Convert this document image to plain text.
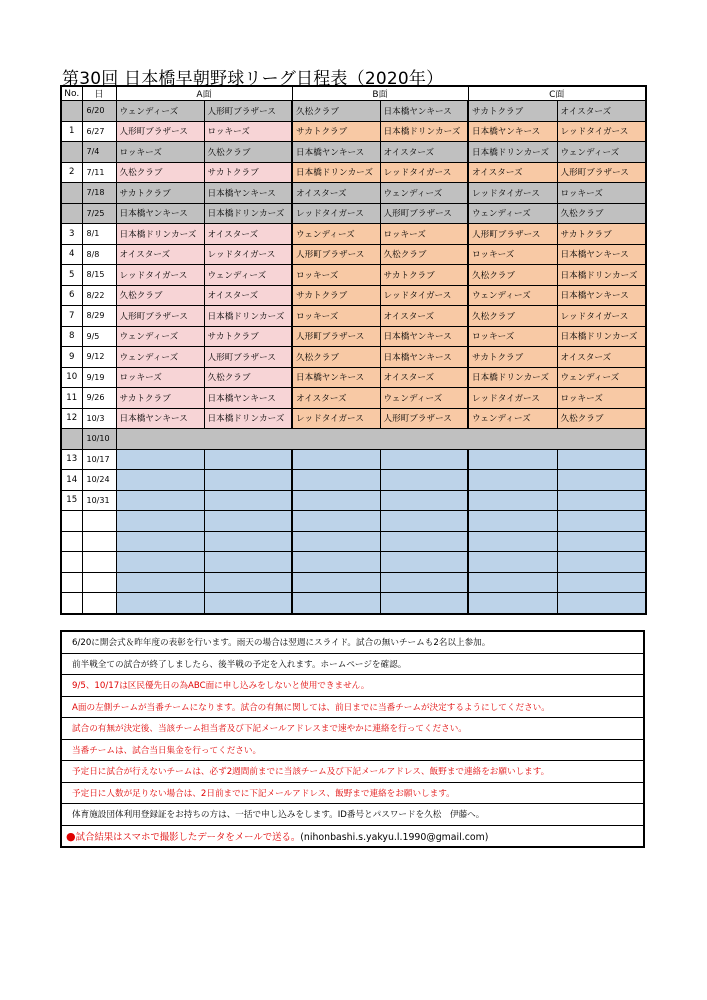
第30回 日本橋早朝野球リーグ日程表（2020年）
No.	日	A面		B面		C面	
	6/20	ウェンディーズ	人形町ブラザース	久松クラブ	日本橋ヤンキース	サカトクラブ	オイスターズ
1	6/27	人形町ブラザース	ロッキーズ	サカトクラブ	日本橋ドリンカーズ	日本橋ヤンキース	レッドタイガース
	7/4	ロッキーズ	久松クラブ	日本橋ヤンキース	オイスターズ	日本橋ドリンカーズ	ウェンディーズ
2	7/11	久松クラブ	サカトクラブ	日本橋ドリンカーズ	レッドタイガース	オイスターズ	人形町ブラザース
	7/18	サカトクラブ	日本橋ヤンキース	オイスターズ	ウェンディーズ	レッドタイガース	ロッキーズ
	7/25	日本橋ヤンキース	日本橋ドリンカーズ	レッドタイガース	人形町ブラザース	ウェンディーズ	久松クラブ
3	8/1	日本橋ドリンカーズ	オイスターズ	ウェンディーズ	ロッキーズ	人形町ブラザース	サカトクラブ
4	8/8	オイスターズ	レッドタイガース	人形町ブラザース	久松クラブ	ロッキーズ	日本橋ヤンキース
5	8/15	レッドタイガース	ウェンディーズ	ロッキーズ	サカトクラブ	久松クラブ	日本橋ドリンカーズ
6	8/22	久松クラブ	オイスターズ	サカトクラブ	レッドタイガース	ウェンディーズ	日本橋ヤンキース
7	8/29	人形町ブラザース	日本橋ドリンカーズ	ロッキーズ	オイスターズ	久松クラブ	レッドタイガース
8	9/5	ウェンディーズ	サカトクラブ	人形町ブラザース	日本橋ヤンキース	ロッキーズ	日本橋ドリンカーズ
9	9/12	ウェンディーズ	人形町ブラザース	久松クラブ	日本橋ヤンキース	サカトクラブ	オイスターズ
10	9/19	ロッキーズ	久松クラブ	日本橋ヤンキース	オイスターズ	日本橋ドリンカーズ	ウェンディーズ
11	9/26	サカトクラブ	日本橋ヤンキース	オイスターズ	ウェンディーズ	レッドタイガース	ロッキーズ
12	10/3	日本橋ヤンキース	日本橋ドリンカーズ	レッドタイガース	人形町ブラザース	ウェンディーズ	久松クラブ
	10/10						
13	10/17						
14	10/24						
15	10/31						

6/20に開会式＆昨年度の表彰を行います。雨天の場合は翌週にスライド。試合の無いチームも2名以上参加。
前半戦全ての試合が終了しましたら、後半戦の予定を入れます。ホームページを確認。
9/5、10/17は区民優先日の為ABC面に申し込みをしないと使用できません。
A面の左側チームが当番チームになります。試合の有無に関しては、前日までに当番チームが決定するようにしてください。
試合の有無が決定後、当該チーム担当者及び下記メールアドレスまで速やかに連絡を行ってください。
当番チームは、試合当日集金を行ってください。
予定日に試合が行えないチームは、必ず2週間前までに当該チーム及び下記メールアドレス、飯野まで連絡をお願いします。
予定日に人数が足りない場合は、2日前までに下記メールアドレス、飯野まで連絡をお願いします。
体育施設団体利用登録証をお持ちの方は、一括で申し込みをします。ID番号とパスワードを久松　伊藤へ。
●試合結果はスマホで撮影したデータをメールで送る。(nihonbashi.s.yakyu.l.1990@gmail.com)
